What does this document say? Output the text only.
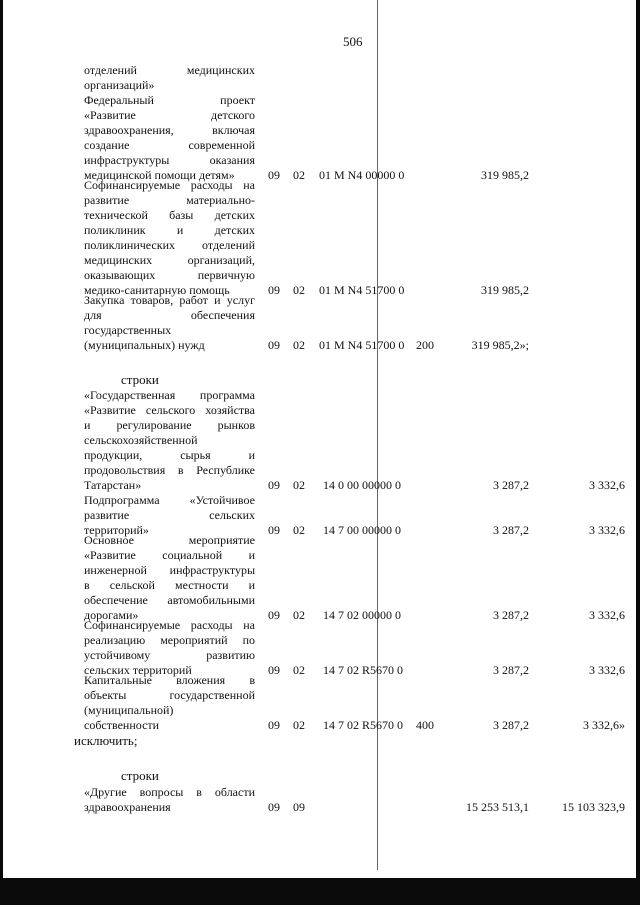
506
отделений медицинских
организаций»
Федеральный проект
«Развитие детского
здравоохранения, включая
создание современной
инфраструктуры оказания
медицинской помощи детям»	09 02 01 М N4 00000 0	319 985,2
Софинансируемые расходы на
развитие материально-
технической базы детских
поликлиник и детских
поликлинических отделений
медицинских организаций,
оказывающих первичную
медико-санитарную помощь	09 02 01 М N4 51700 0	319 985,2
Закупка товаров, работ и услуг
для обеспечения
государственных
(муниципальных) нужд	09 02 01 М N4 51700 0 200	319 985,2»;
строки
«Государственная программа
«Развитие сельского хозяйства
и регулирование рынков
сельскохозяйственной
продукции, сырья и
продовольствия в Республике
Татарстан»	09 02 14 0 00 00000 0	3 287,2	3 332,6
Подпрограмма «Устойчивое
развитие сельских
территорий»	09 02 14 7 00 00000 0	3 287,2	3 332,6
Основное мероприятие
«Развитие социальной и
инженерной инфраструктуры
в сельской местности и
обеспечение автомобильными
дорогами»	09 02 14 7 02 00000 0	3 287,2	3 332,6
Софинансируемые расходы на
реализацию мероприятий по
устойчивому развитию
сельских территорий	09 02 14 7 02 R5670 0	3 287,2	3 332,6
Капитальные вложения в
объекты государственной
(муниципальной)
собственности	09 02 14 7 02 R5670 0 400	3 287,2	3 332,6»
исключить;
строки
«Другие вопросы в области
здравоохранения	09 09	15 253 513,1	15 103 323,9
